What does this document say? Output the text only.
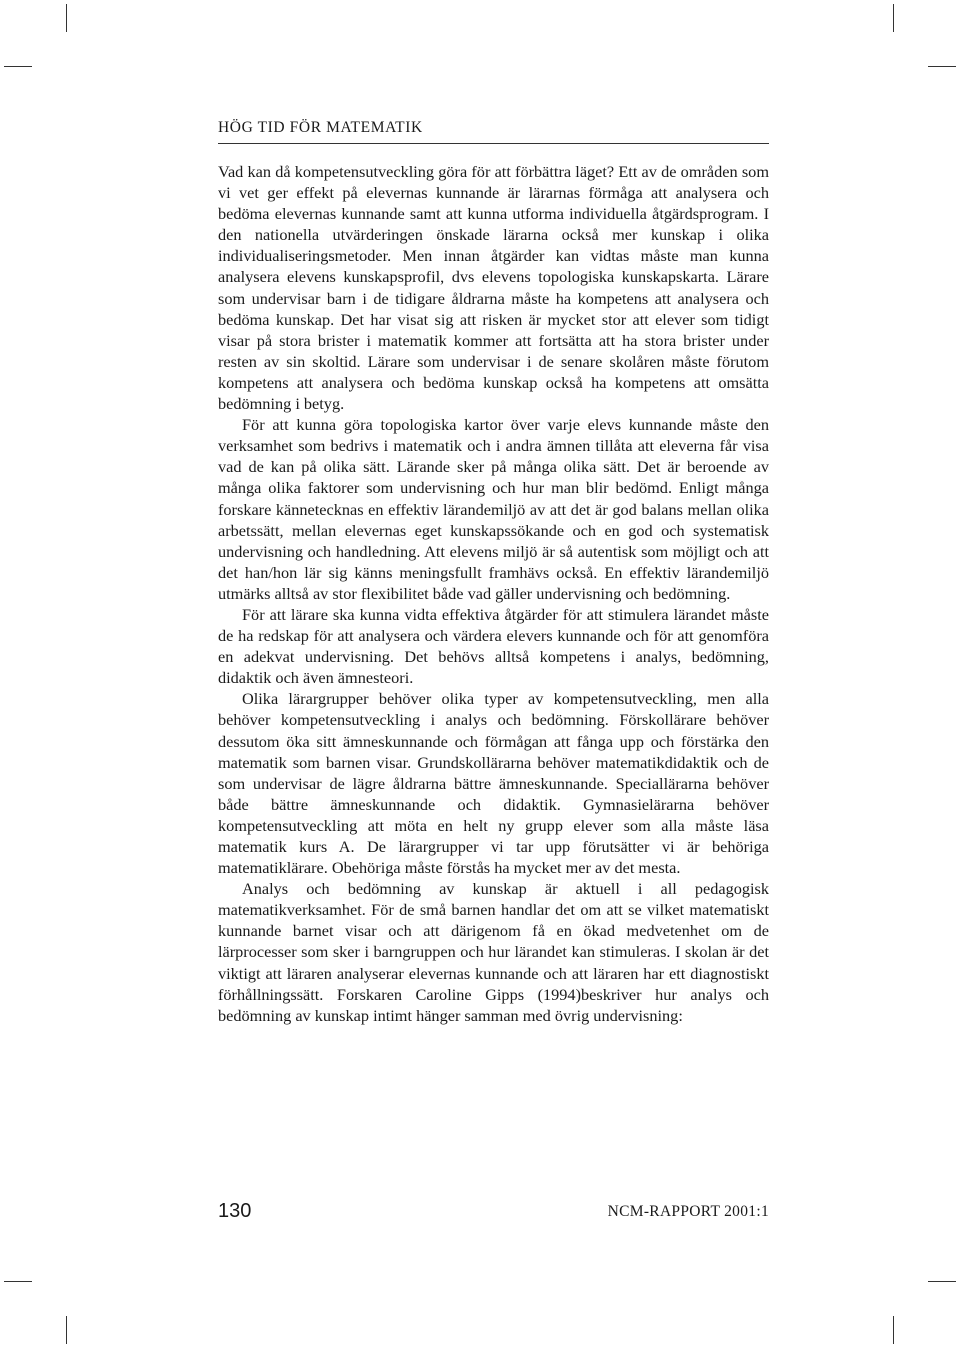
HÖG TID FÖR MATEMATIK

Vad kan då kompetensutveckling göra för att förbättra läget? Ett av de områden som vi vet ger effekt på elevernas kunnande är lärarnas förmåga att analysera och bedöma elevernas kunnande samt att kunna utforma individuella åtgärdsprogram. I den nationella utvärderingen önskade lärarna också mer kunskap i olika individualiseringsmetoder. Men innan åtgärder kan vidtas måste man kunna analysera elevens kunskapsprofil, dvs elevens topologiska kunskapskarta. Lärare som undervisar barn i de tidigare åldrarna måste ha kompetens att analysera och bedöma kunskap. Det har visat sig att risken är mycket stor att elever som tidigt visar på stora brister i matematik kommer att fortsätta att ha stora brister under resten av sin skoltid. Lärare som undervisar i de senare skolåren måste förutom kompetens att analysera och bedöma kunskap också ha kompetens att omsätta bedömning i betyg.

För att kunna göra topologiska kartor över varje elevs kunnande måste den verksamhet som bedrivs i matematik och i andra ämnen tillåta att eleverna får visa vad de kan på olika sätt. Lärande sker på många olika sätt. Det är beroende av många olika faktorer som undervisning och hur man blir bedömd. Enligt många forskare kännetecknas en effektiv lärandemiljö av att det är god balans mellan olika arbetssätt, mellan elevernas eget kunskapssökande och en god och systematisk undervisning och handledning. Att elevens miljö är så autentisk som möjligt och att det han/hon lär sig känns meningsfullt framhävs också. En effektiv lärandemiljö utmärks alltså av stor flexibilitet både vad gäller undervisning och bedömning.

För att lärare ska kunna vidta effektiva åtgärder för att stimulera lärandet måste de ha redskap för att analysera och värdera elevers kunnande och för att genomföra en adekvat undervisning. Det behövs alltså kompetens i analys, bedömning, didaktik och även ämnesteori.

Olika lärargrupper behöver olika typer av kompetensutveckling, men alla behöver kompetensutveckling i analys och bedömning. Förskollärare behöver dessutom öka sitt ämneskunnande och förmågan att fånga upp och förstärka den matematik som barnen visar. Grundskollärarna behöver matematikdidaktik och de som undervisar de lägre åldrarna bättre ämneskunnande. Speciallärarna behöver både bättre ämneskunnande och didaktik. Gymnasielärarna behöver kompetensutveckling att möta en helt ny grupp elever som alla måste läsa matematik kurs A. De lärargrupper vi tar upp förutsätter vi är behöriga matematiklärare. Obehöriga måste förstås ha mycket mer av det mesta.

Analys och bedömning av kunskap är aktuell i all pedagogisk matematikverksamhet. För de små barnen handlar det om att se vilket matematiskt kunnande barnet visar och att därigenom få en ökad medvetenhet om de lärprocesser som sker i barngruppen och hur lärandet kan stimuleras. I skolan är det viktigt att läraren analyserar elevernas kunnande och att läraren har ett diagnostiskt förhållningssätt. Forskaren Caroline Gipps (1994)beskriver hur analys och bedömning av kunskap intimt hänger samman med övrig undervisning:

130	NCM-RAPPORT 2001:1
